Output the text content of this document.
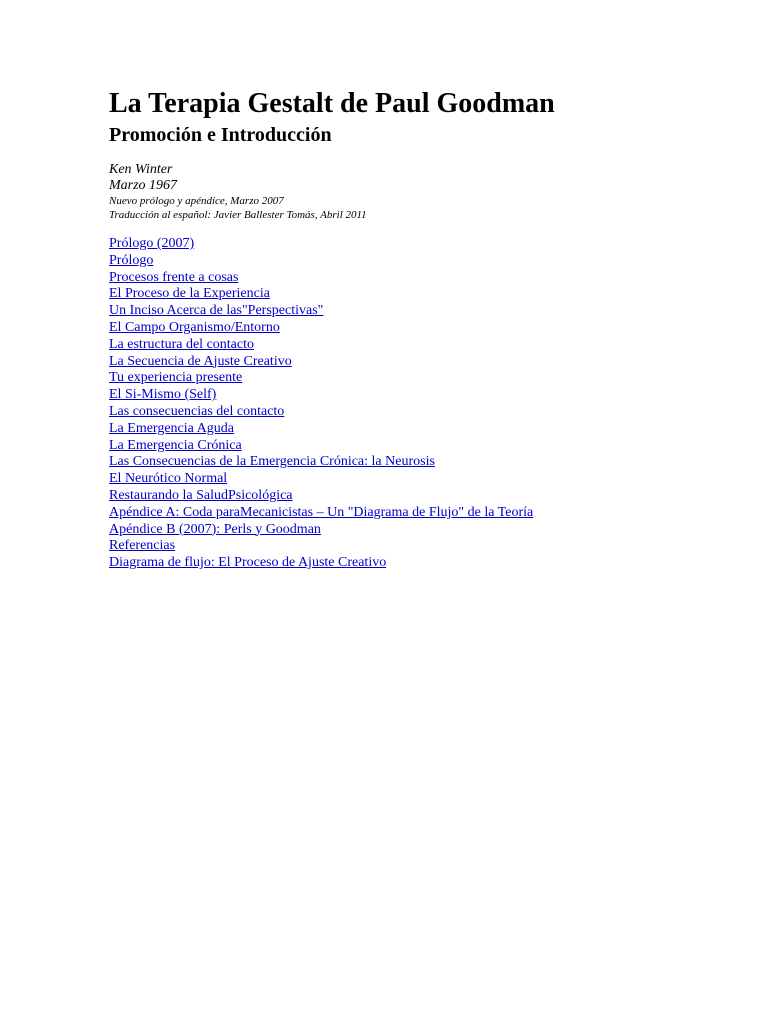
La Terapia Gestalt de Paul Goodman
Promoción e Introducción
Ken Winter
Marzo 1967
Nuevo prólogo y apéndice, Marzo 2007
Traducción al español: Javier Ballester Tomás, Abril 2011
Prólogo (2007)
Prólogo
Procesos frente a cosas
El Proceso de la Experiencia
Un Inciso Acerca de las"Perspectivas"
El Campo Organismo/Entorno
La estructura del contacto
La Secuencia de Ajuste Creativo
Tu experiencia presente
El Si-Mismo (Self)
Las consecuencias del contacto
La Emergencia Aguda
La Emergencia Crónica
Las Consecuencias de la Emergencia Crónica: la Neurosis
El Neurótico Normal
Restaurando la SaludPsicológica
Apéndice A: Coda paraMecanicistas – Un "Diagrama de Flujo" de la Teoría
Apéndice B (2007): Perls y Goodman
Referencias
Diagrama de flujo: El Proceso de Ajuste Creativo
